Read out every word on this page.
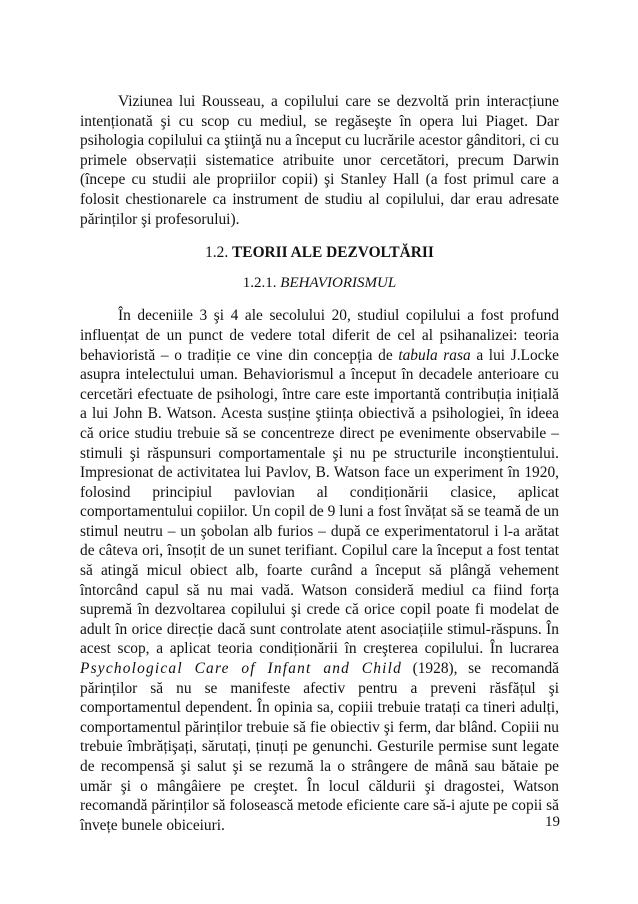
Viziunea lui Rousseau, a copilului care se dezvoltă prin interacțiune intenționată şi cu scop cu mediul, se regăseşte în opera lui Piaget. Dar psihologia copilului ca ştiinţă nu a început cu lucrările acestor gânditori, ci cu primele observații sistematice atribuite unor cercetători, precum Darwin (începe cu studii ale propriilor copii) şi Stanley Hall (a fost primul care a folosit chestionarele ca instrument de studiu al copilului, dar erau adresate părinților şi profesorului).

1.2. TEORII ALE DEZVOLTĂRII
1.2.1. BEHAVIORISMUL

În deceniile 3 şi 4 ale secolului 20, studiul copilului a fost profund influențat de un punct de vedere total diferit de cel al psihanalizei: teoria behavioristă – o tradiție ce vine din concepția de tabula rasa a lui J.Locke asupra intelectului uman. Behaviorismul a început în decadele anterioare cu cercetări efectuate de psihologi, între care este importantă contribuția inițială a lui John B. Watson. Acesta susține ştiința obiectivă a psihologiei, în ideea că orice studiu trebuie să se concentreze direct pe evenimente observabile – stimuli şi răspunsuri comportamentale şi nu pe structurile inconştientului. Impresionat de activitatea lui Pavlov, B. Watson face un experiment în 1920, folosind principiul pavlovian al condiționării clasice, aplicat comportamentului copiilor. Un copil de 9 luni a fost învățat să se teamă de un stimul neutru – un şobolan alb furios – după ce experimentatorul i l-a arătat de câteva ori, însoțit de un sunet terifiant. Copilul care la început a fost tentat să atingă micul obiect alb, foarte curând a început să plângă vehement întorcând capul să nu mai vadă. Watson consideră mediul ca fiind forța supremă în dezvoltarea copilului şi crede că orice copil poate fi modelat de adult în orice direcție dacă sunt controlate atent asociațiile stimul-răspuns. În acest scop, a aplicat teoria condiționării în creşterea copilului. În lucrarea Psychological Care of Infant and Child (1928), se recomandă părinților să nu se manifeste afectiv pentru a preveni răsfățul şi comportamentul dependent. În opinia sa, copiii trebuie tratați ca tineri adulți, comportamentul părinților trebuie să fie obiectiv şi ferm, dar blând. Copiii nu trebuie îmbrățişați, sărutați, ținuți pe genunchi. Gesturile permise sunt legate de recompensă şi salut şi se rezumă la o strângere de mână sau bătaie pe umăr şi o mângâiere pe creştet. În locul căldurii şi dragostei, Watson recomandă părinților să folosească metode eficiente care să-i ajute pe copii să învețe bunele obiceiuri.	19
